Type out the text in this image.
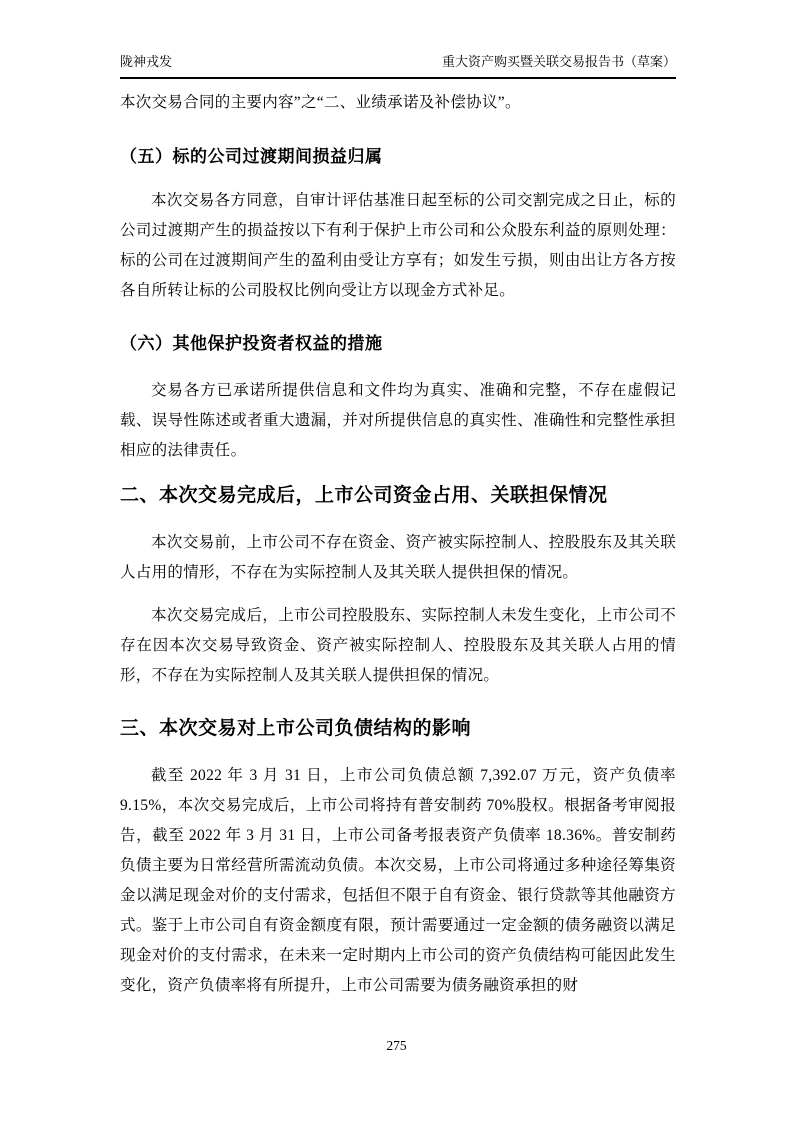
陇神戎发	重大资产购买暨关联交易报告书（草案）

本次交易合同的主要内容”之“二、业绩承诺及补偿协议”。

（五）标的公司过渡期间损益归属

本次交易各方同意，自审计评估基准日起至标的公司交割完成之日止，标的公司过渡期产生的损益按以下有利于保护上市公司和公众股东利益的原则处理：标的公司在过渡期间产生的盈利由受让方享有；如发生亏损，则由出让方各方按各自所转让标的公司股权比例向受让方以现金方式补足。

（六）其他保护投资者权益的措施

交易各方已承诺所提供信息和文件均为真实、准确和完整，不存在虚假记载、误导性陈述或者重大遗漏，并对所提供信息的真实性、准确性和完整性承担相应的法律责任。

二、本次交易完成后，上市公司资金占用、关联担保情况

本次交易前，上市公司不存在资金、资产被实际控制人、控股股东及其关联人占用的情形，不存在为实际控制人及其关联人提供担保的情况。

本次交易完成后，上市公司控股股东、实际控制人未发生变化，上市公司不存在因本次交易导致资金、资产被实际控制人、控股股东及其关联人占用的情形，不存在为实际控制人及其关联人提供担保的情况。

三、本次交易对上市公司负债结构的影响

截至 2022 年 3 月 31 日，上市公司负债总额 7,392.07 万元，资产负债率 9.15%，本次交易完成后，上市公司将持有普安制药 70%股权。根据备考审阅报告，截至 2022 年 3 月 31 日，上市公司备考报表资产负债率 18.36%。普安制药负债主要为日常经营所需流动负债。本次交易，上市公司将通过多种途径筹集资金以满足现金对价的支付需求，包括但不限于自有资金、银行贷款等其他融资方式。鉴于上市公司自有资金额度有限，预计需要通过一定金额的债务融资以满足现金对价的支付需求，在未来一定时期内上市公司的资产负债结构可能因此发生变化，资产负债率将有所提升，上市公司需要为债务融资承担的财

275
